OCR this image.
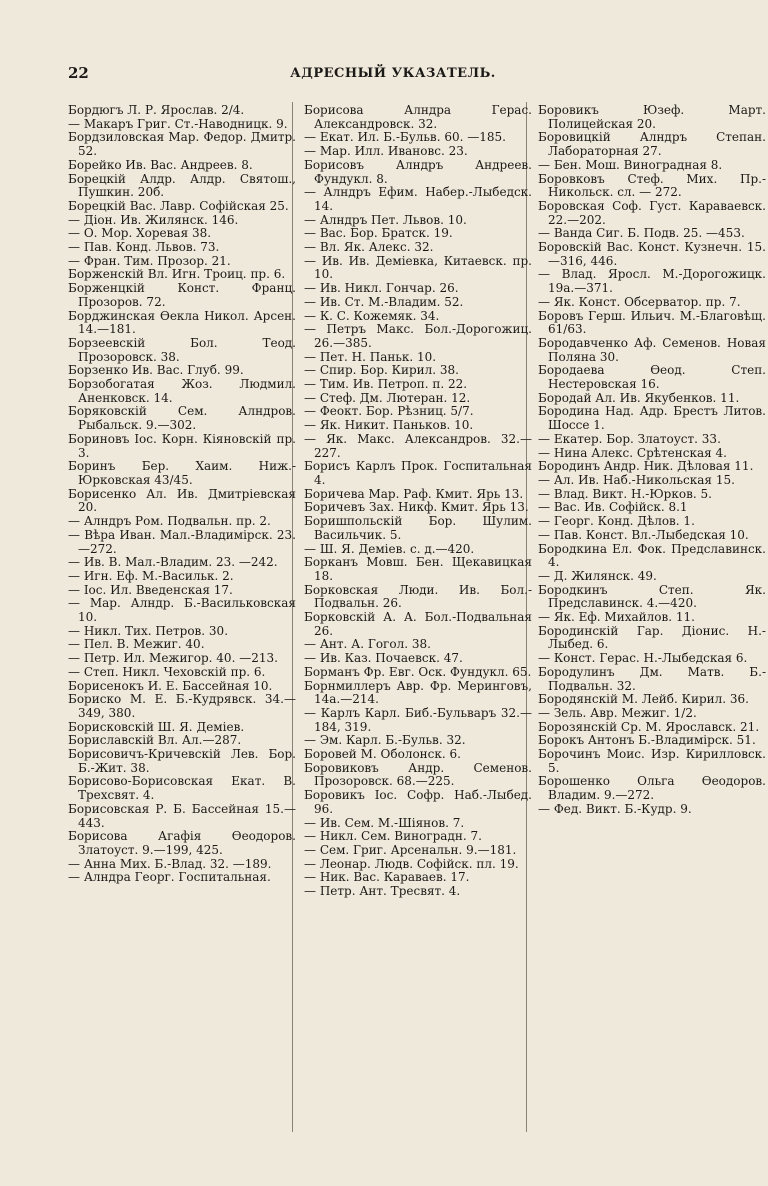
22	АДРЕСНЫЙ УКАЗАТЕЛЬ.
Бордюгъ Л. Р. Ярослав. 2/4.
— Макаръ Григ. Ст.-Наводницк. 9.
Бордзиловская Мар. Федор. Дмитр. 52.
Борейко Ив. Вас. Андреев. 8.
Борецкій Алдр. Алдр. Святош., Пушкин. 20б.
Борецкій Вас. Лавр. Софійская 25.
— Діон. Ив. Жилянск. 146.
— О. Мор. Хоревая 38.
— Пав. Конд. Львов. 73.
— Фран. Тим. Прозор. 21.
Борженскій Вл. Игн. Троиц. пр. 6.
Борженцкій Конст. Франц. Прозоров. 72.
Борджинская Өекла Никол. Арсен. 14.—181.
Борзеевскій Бол. Теод. Прозоровск. 38.
Борзенко Ив. Вас. Глуб. 99.
Борзобогатая Жоз. Людмил. Аненковск. 14.
Боряковскій Сем. Алндров. Рыбальск. 9.—302.
Бориновъ Іос. Корн. Кіяновскій пр. 3.
Боринъ Бер. Хаим. Ниж.-Юрковская 43/45.
Борисенко Ал. Ив. Дмитріевская 20.
— Алндръ Ром. Подвальн. пр. 2.
— Вѣра Иван. Мал.-Владимірск. 23.—272.
— Ив. В. Мал.-Владим. 23. —242.
— Игн. Еф. М.-Васильк. 2.
— Іос. Ил. Введенская 17.
— Мар. Алндр. Б.-Васильковская 10.
— Никл. Тих. Петров. 30.
— Пел. В. Межиг. 40.
— Петр. Ил. Межигор. 40. —213.
— Степ. Никл. Чеховскій пр. 6.
Борисенокъ И. Е. Бассейная 10.
Бориско М. Е. Б.-Кудрявск. 34.—349, 380.
Борисковскій Ш. Я. Деміев.
Бориславскій Вл. Ал.—287.
Борисовичъ-Кричевскій Лев. Бор. Б.-Жит. 38.
Борисово-Борисовская Екат. В. Трехсвят. 4.
Борисовская Р. Б. Бассейная 15.—443.
Борисова Агафія Өеодоров. Златоуст. 9.—199, 425.
— Анна Мих. Б.-Влад. 32. —189.
— Алндра Георг. Госпитальная.
Борисова Алндра Герас. Александровск. 32.
— Екат. Ил. Б.-Бульв. 60. —185.
— Мар. Илл. Ивановс. 23.
Борисовъ Алндръ Андреев. Фундукл. 8.
— Алндръ Ефим. Набер.-Лыбедск. 14.
— Алндръ Пет. Львов. 10.
— Вас. Бор. Братск. 19.
— Вл. Як. Алекс. 32.
— Ив. Ив. Деміевка, Китаевск. пр. 10.
— Ив. Никл. Гончар. 26.
— Ив. Ст. М.-Владим. 52.
— К. С. Кожемяк. 34.
— Петръ Макс. Бол.-Дорогожиц. 26.—385.
— Пет. Н. Паньк. 10.
— Спир. Бор. Кирил. 38.
— Тим. Ив. Петроп. п. 22.
— Стеф. Дм. Лютеран. 12.
— Феокт. Бор. Рѣзниц. 5/7.
— Як. Никит. Паньков. 10.
— Як. Макс. Александров. 32.—227.
Борисъ Карлъ Прок. Госпитальная 4.
Боричева Мар. Раф. Кмит. Ярь 13.
Боричевъ Зах. Никф. Кмит. Ярь 13.
Боришпольскій Бор. Шулим. Васильчик. 5.
— Ш. Я. Деміев. с. д.—420.
Борканъ Мовш. Бен. Щекавицкая 18.
Борковская Люди. Ив. Бол.-Подвальн. 26.
Борковскій А. А. Бол.-Подвальная 26.
— Ант. А. Гогол. 38.
— Ив. Каз. Почаевск. 47.
Борманъ Фр. Евг. Оск. Фундукл. 65.
Борнмиллеръ Авр. Фр. Меринговъ, 14а.—214.
— Карлъ Карл. Биб.-Бульваръ 32.—184, 319.
— Эм. Карл. Б.-Бульв. 32.
Боровей М. Оболонск. 6.
Боровиковъ Андр. Семенов. Прозоровск. 68.—225.
Боровикъ Іос. Софр. Наб.-Лыбед. 96.
— Ив. Сем. М.-Шіянов. 7.
— Никл. Сем. Виноградн. 7.
— Сем. Григ. Арсенальн. 9.—181.
— Леонар. Людв. Софійск. пл. 19.
— Ник. Вас. Караваев. 17.
— Петр. Ант. Тресвят. 4.
Боровикъ Юзеф. Март. Полицейская 20.
Боровицкій Алндръ Степан. Лабораторная 27.
— Бен. Мош. Виноградная 8.
Боровковъ Стеф. Мих. Пр.-Никольск. сл. — 272.
Боровская Соф. Густ. Караваевск. 22.—202.
— Ванда Сиг. Б. Подв. 25. —453.
Боровскій Вас. Конст. Кузнечн. 15.—316, 446.
— Влад. Яросл. М.-Дорогожицк. 19а.—371.
— Як. Конст. Обсерватор. пр. 7.
Боровъ Герш. Ильич. М.-Благовѣщ. 61/63.
Бородавченко Аф. Семенов. Новая Поляна 30.
Бородаева Өеод. Степ. Нестеровская 16.
Бородай Ал. Ив. Якубенков. 11.
Бородина Над. Адр. Брестъ Литов. Шоссе 1.
— Екатер. Бор. Златоуст. 33.
— Нина Алекс. Срѣтенская 4.
Бородинъ Андр. Ник. Дѣловая 11.
— Ал. Ив. Наб.-Никольская 15.
— Влад. Викт. Н.-Юрков. 5.
— Вас. Ив. Софійск. 8.1
— Георг. Конд. Дѣлов. 1.
— Пав. Конст. Вл.-Лыбедская 10.
Бородкина Ел. Фок. Предславинск. 4.
— Д. Жилянск. 49.
Бородкинъ Степ. Як. Предславинск. 4.—420.
— Як. Еф. Михайлов. 11.
Бородинскій Гар. Діонис. Н.-Лыбед. 6.
— Конст. Герас. Н.-Лыбедская 6.
Бородулинъ Дм. Матв. Б.-Подвальн. 32.
Бородянскій М. Лейб. Кирил. 36.
— Зель. Авр. Межиг. 1/2.
Борозянскій Ср. М. Ярославск. 21.
Борокъ Антонъ Б.-Владимірск. 51.
Борочинъ Моис. Изр. Кирилловск. 5.
Борошенко Ольга Өеодоров. Владим. 9.—272.
— Фед. Викт. Б.-Кудр. 9.
